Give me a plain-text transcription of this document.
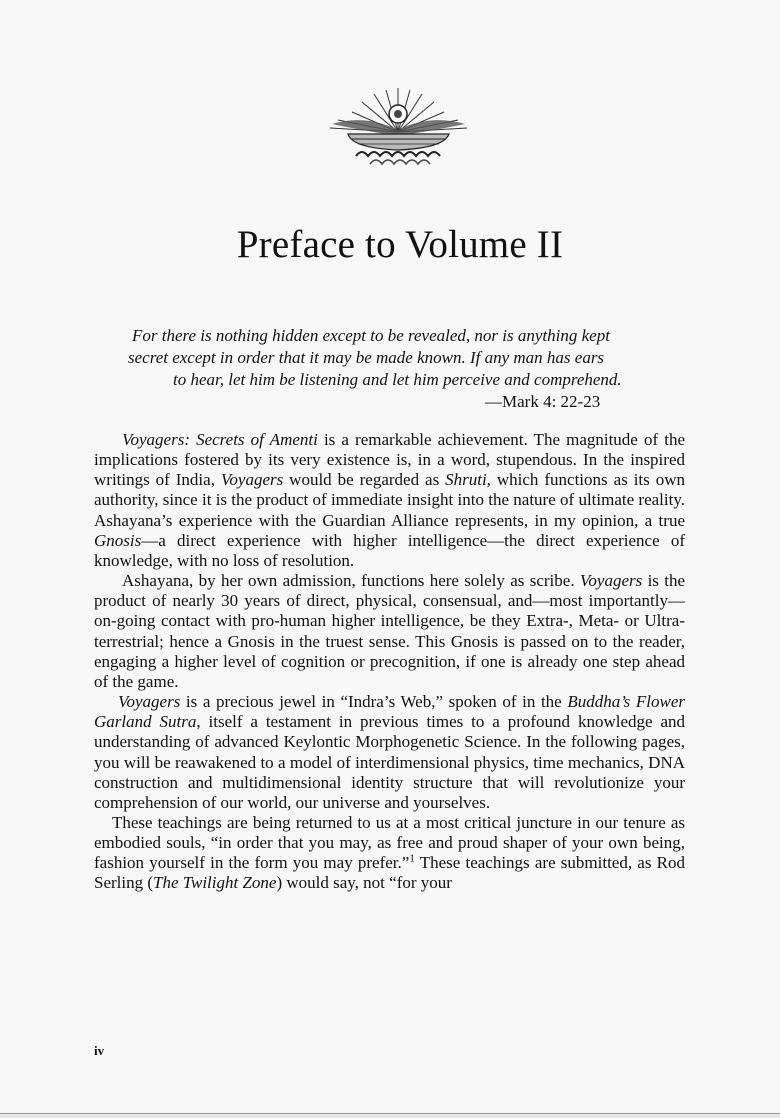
Preface to Volume II
For there is nothing hidden except to be revealed, nor is anything kept
secret except in order that it may be made known. If any man has ears
to hear, let him be listening and let him perceive and comprehend.
—Mark 4: 22-23

Voyagers: Secrets of Amenti is a remarkable achievement. The magnitude of the implications fostered by its very existence is, in a word, stupendous. In the inspired writings of India, Voyagers would be regarded as Shruti, which functions as its own authority, since it is the product of immediate insight into the nature of ultimate reality. Ashayana’s experience with the Guardian Alliance represents, in my opinion, a true Gnosis—a direct experience with higher intelligence—the direct experience of knowledge, with no loss of resolution.

Ashayana, by her own admission, functions here solely as scribe. Voyagers is the product of nearly 30 years of direct, physical, consensual, and—most importantly—on-going contact with pro-human higher intelligence, be they Extra-, Meta- or Ultra-terrestrial; hence a Gnosis in the truest sense. This Gnosis is passed on to the reader, engaging a higher level of cognition or precognition, if one is already one step ahead of the game.

Voyagers is a precious jewel in “Indra’s Web,” spoken of in the Buddha’s Flower Garland Sutra, itself a testament in previous times to a profound knowledge and understanding of advanced Keylontic Morphogenetic Science. In the following pages, you will be reawakened to a model of interdimensional physics, time mechanics, DNA construction and multidimensional identity structure that will revolutionize your comprehension of our world, our universe and yourselves.

These teachings are being returned to us at a most critical juncture in our tenure as embodied souls, “in order that you may, as free and proud shaper of your own being, fashion yourself in the form you may prefer.”$^1$ These teachings are submitted, as Rod Serling (The Twilight Zone) would say, not “for your

iv
